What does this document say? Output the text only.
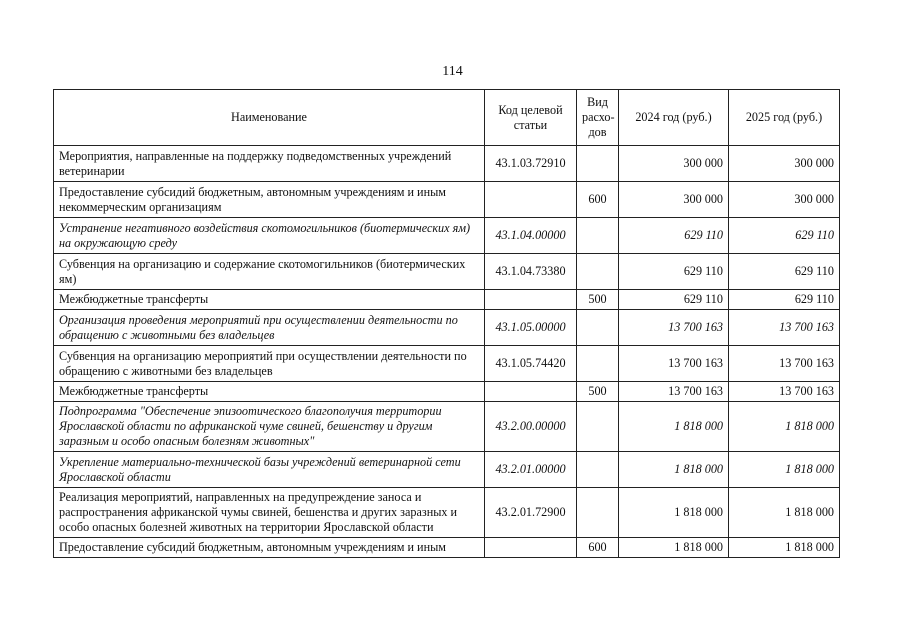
114
Наименование	Код целевой статьи	Вид расхо-дов	2024 год (руб.)	2025 год (руб.)
Мероприятия, направленные на поддержку подведомственных учреждений ветеринарии	43.1.03.72910		300 000	300 000
Предоставление субсидий бюджетным, автономным учреждениям и иным некоммерческим организациям		600	300 000	300 000
Устранение негативного воздействия скотомогильников (биотермических ям) на окружающую среду	43.1.04.00000		629 110	629 110
Субвенция на организацию и содержание скотомогильников (биотермических ям)	43.1.04.73380		629 110	629 110
Межбюджетные трансферты		500	629 110	629 110
Организация проведения мероприятий при осуществлении деятельности по обращению с животными без владельцев	43.1.05.00000		13 700 163	13 700 163
Субвенция на организацию мероприятий при осуществлении деятельности по обращению с животными без владельцев	43.1.05.74420		13 700 163	13 700 163
Межбюджетные трансферты		500	13 700 163	13 700 163
Подпрограмма "Обеспечение эпизоотического благополучия территории Ярославской области по африканской чуме свиней, бешенству и другим заразным и особо опасным болезням животных"	43.2.00.00000		1 818 000	1 818 000
Укрепление материально-технической базы учреждений ветеринарной сети Ярославской области	43.2.01.00000		1 818 000	1 818 000
Реализация мероприятий, направленных на предупреждение заноса и распространения африканской чумы свиней, бешенства и других заразных и особо опасных болезней животных на территории Ярославской области	43.2.01.72900		1 818 000	1 818 000
Предоставление субсидий бюджетным, автономным учреждениям и иным		600	1 818 000	1 818 000
